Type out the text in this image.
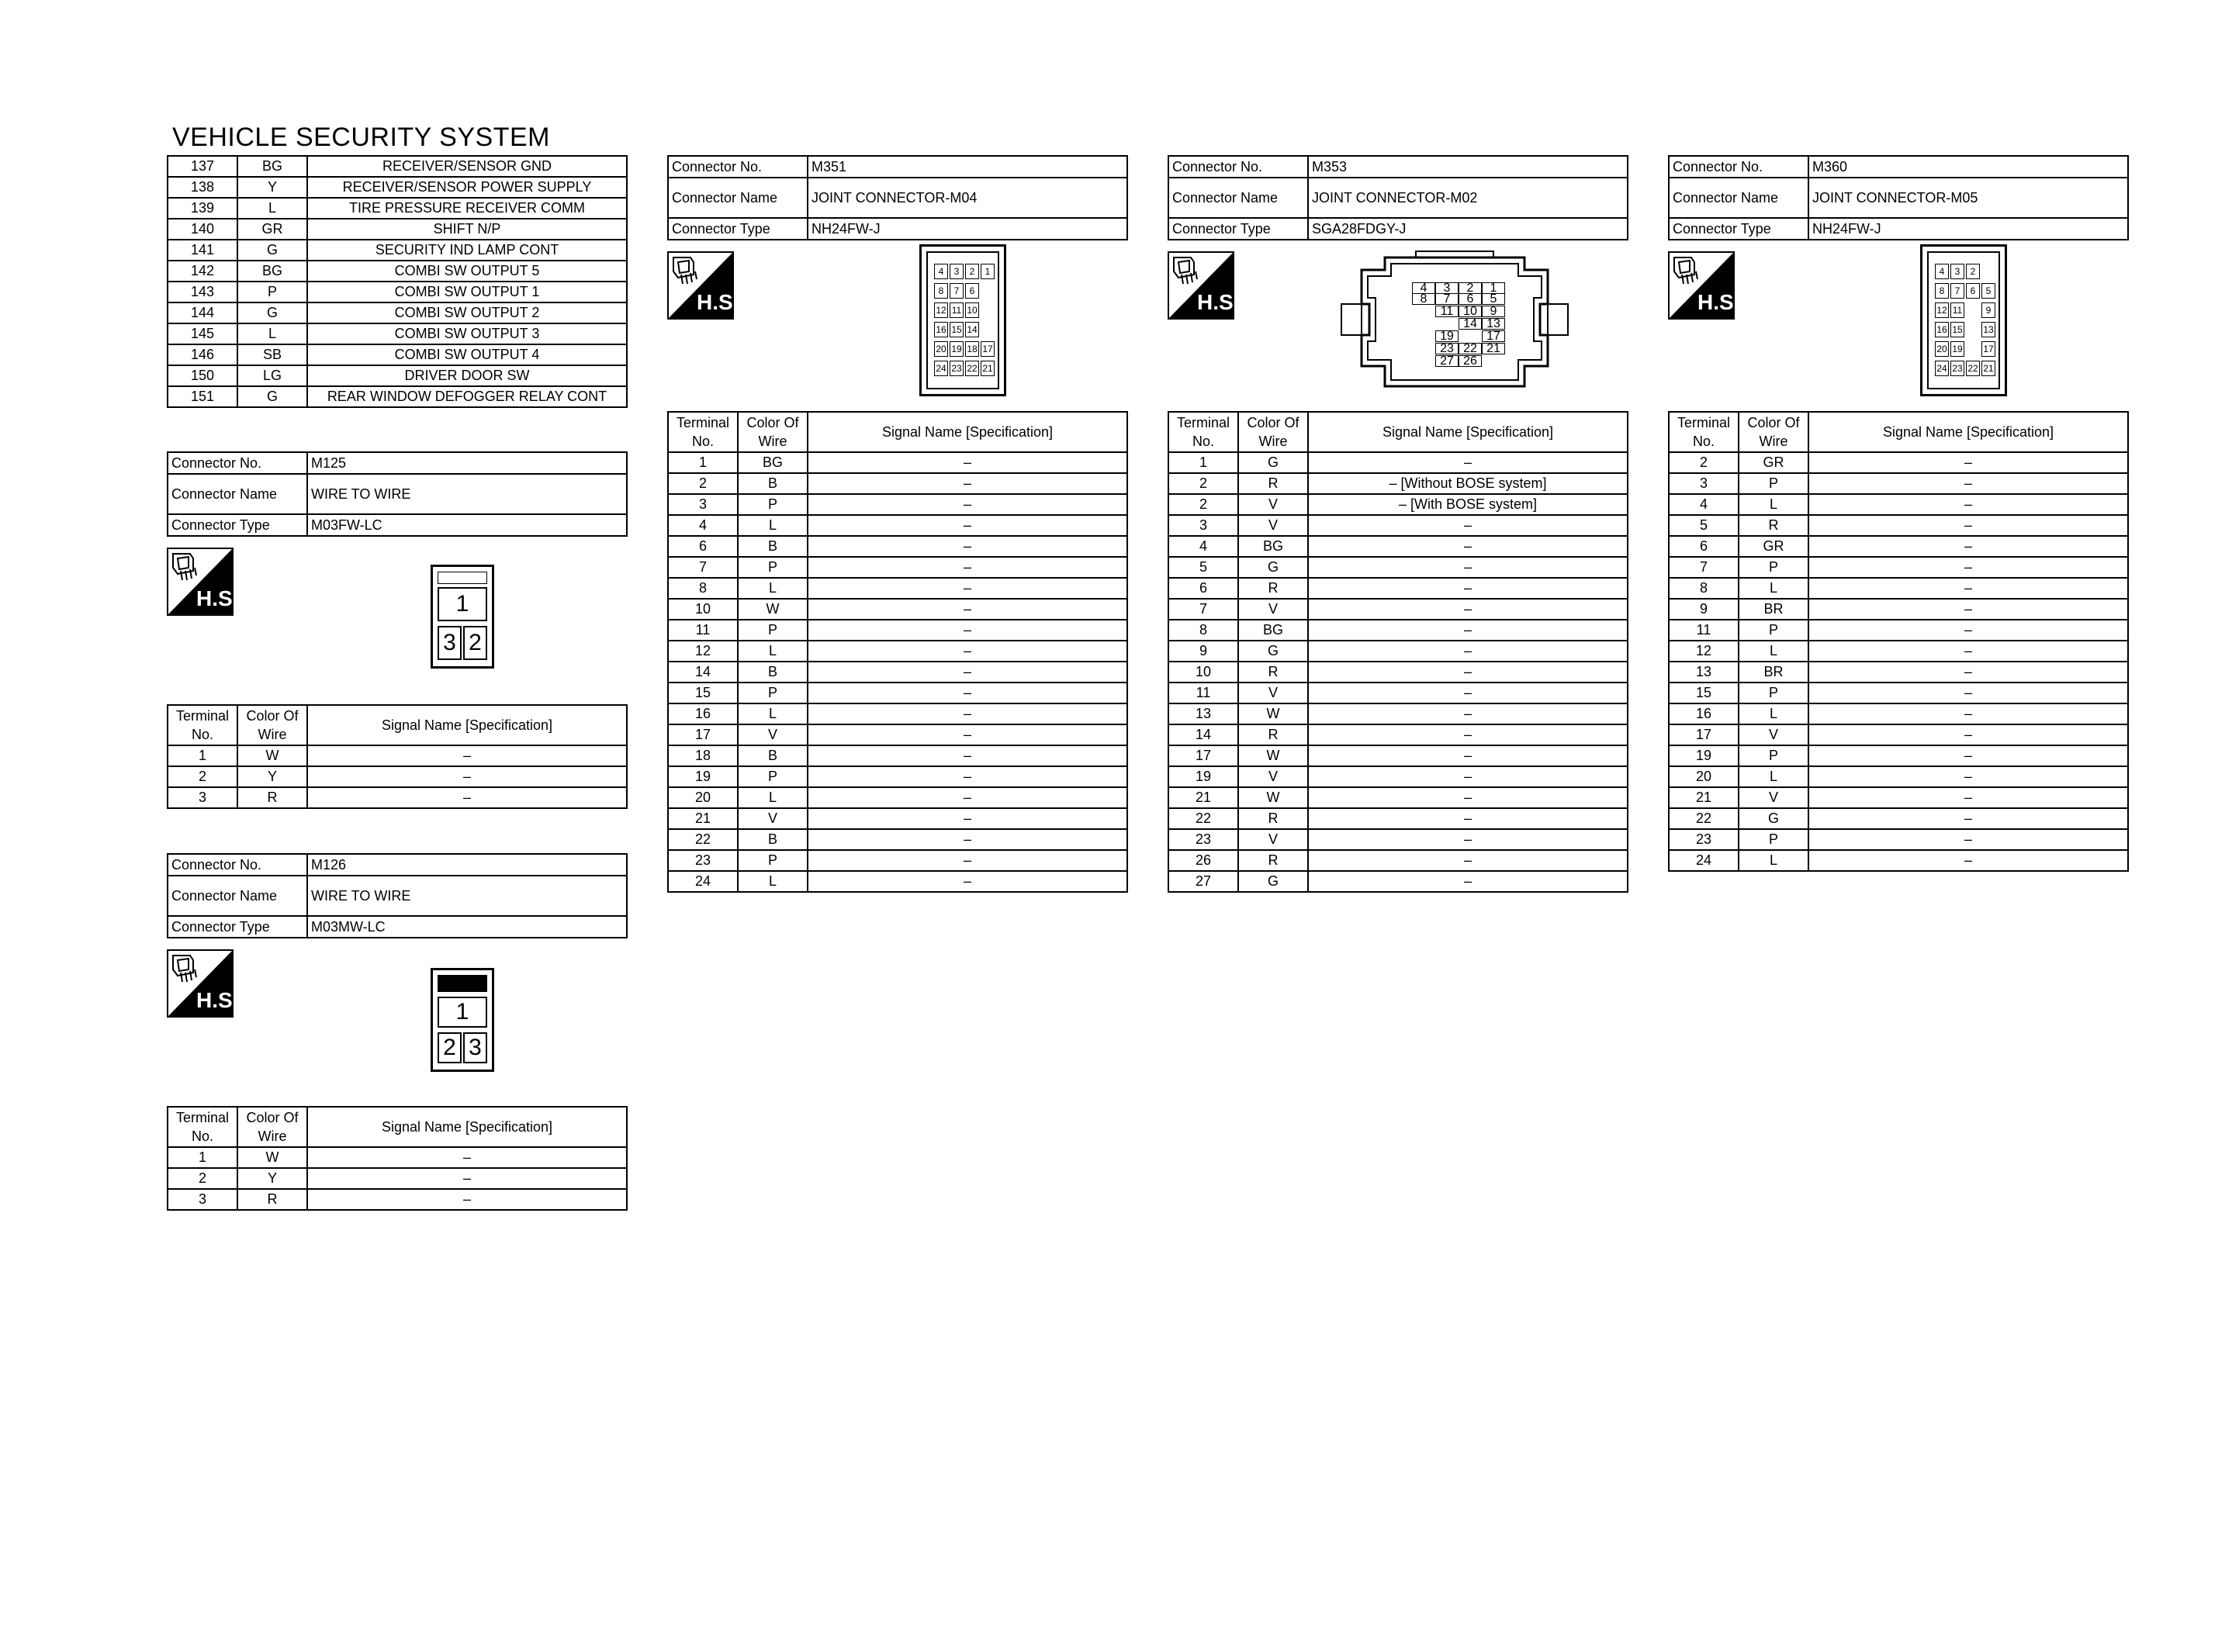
VEHICLE SECURITY SYSTEM
137	BG	RECEIVER/SENSOR GND
138	Y	RECEIVER/SENSOR POWER SUPPLY
139	L	TIRE PRESSURE RECEIVER COMM
140	GR	SHIFT N/P
141	G	SECURITY IND LAMP CONT
142	BG	COMBI SW OUTPUT 5
143	P	COMBI SW OUTPUT 1
144	G	COMBI SW OUTPUT 2
145	L	COMBI SW OUTPUT 3
146	SB	COMBI SW OUTPUT 4
150	LG	DRIVER DOOR SW
151	G	REAR WINDOW DEFOGGER RELAY CONT
Connector No.	M125
Connector Name	WIRE TO WIRE
Connector Type	M03FW-LC
H.S.	1
3 2
Terminal No.	Color Of Wire	Signal Name [Specification]
1	W	–
2	Y	–
3	R	–
Connector No.	M126
Connector Name	WIRE TO WIRE
Connector Type	M03MW-LC
H.S.	1
2 3
Terminal No.	Color Of Wire	Signal Name [Specification]
1	W	–
2	Y	–
3	R	–
Connector No.	M351
Connector Name	JOINT CONNECTOR-M04
Connector Type	NH24FW-J
H.S.
4	3	2	1
8	7	6
12 11 10
16 15 14
20 19 18 17
24 23 22 21
Terminal No.	Color Of Wire	Signal Name [Specification]
1	BG	–
2	B	–
3	P	–
4	L	–
6	B	–
7	P	–
8	L	–
10	W	–
11	P	–
12	L	–
14	B	–
15	P	–
16	L	–
17	V	–
18	B	–
19	P	–
20	L	–
21	V	–
22	B	–
23	P	–
24	L	–
Connector No.	M353
Connector Name	JOINT CONNECTOR-M02
Connector Type	SGA28FDGY-J
H.S.
4	3	2	1
8	7	6	5
11 10	9
14 13
19	17
23 22 21
27 26
Terminal No.	Color Of Wire	Signal Name [Specification]
1	G	–
2	R	– [Without BOSE system]
2	V	– [With BOSE system]
3	V	–
4	BG	–
5	G	–
6	R	–
7	V	–
8	BG	–
9	G	–
10	R	–
11	V	–
13	W	–
14	R	–
17	W	–
19	V	–
21	W	–
22	R	–
23	V	–
26	R	–
27	G	–
Connector No.	M360
Connector Name	JOINT CONNECTOR-M05
Connector Type	NH24FW-J
H.S.
4	3	2
8	7	6	5
12 11	9
16 15 13
20 19 17
24 23 22 21
Terminal No.	Color Of Wire	Signal Name [Specification]
2	GR	–
3	P	–
4	L	–
5	R	–
6	GR	–
7	P	–
8	L	–
9	BR	–
11	P	–
12	L	–
13	BR	–
15	P	–
16	L	–
17	V	–
19	P	–
20	L	–
21	V	–
22	G	–
23	P	–
24	L	–
